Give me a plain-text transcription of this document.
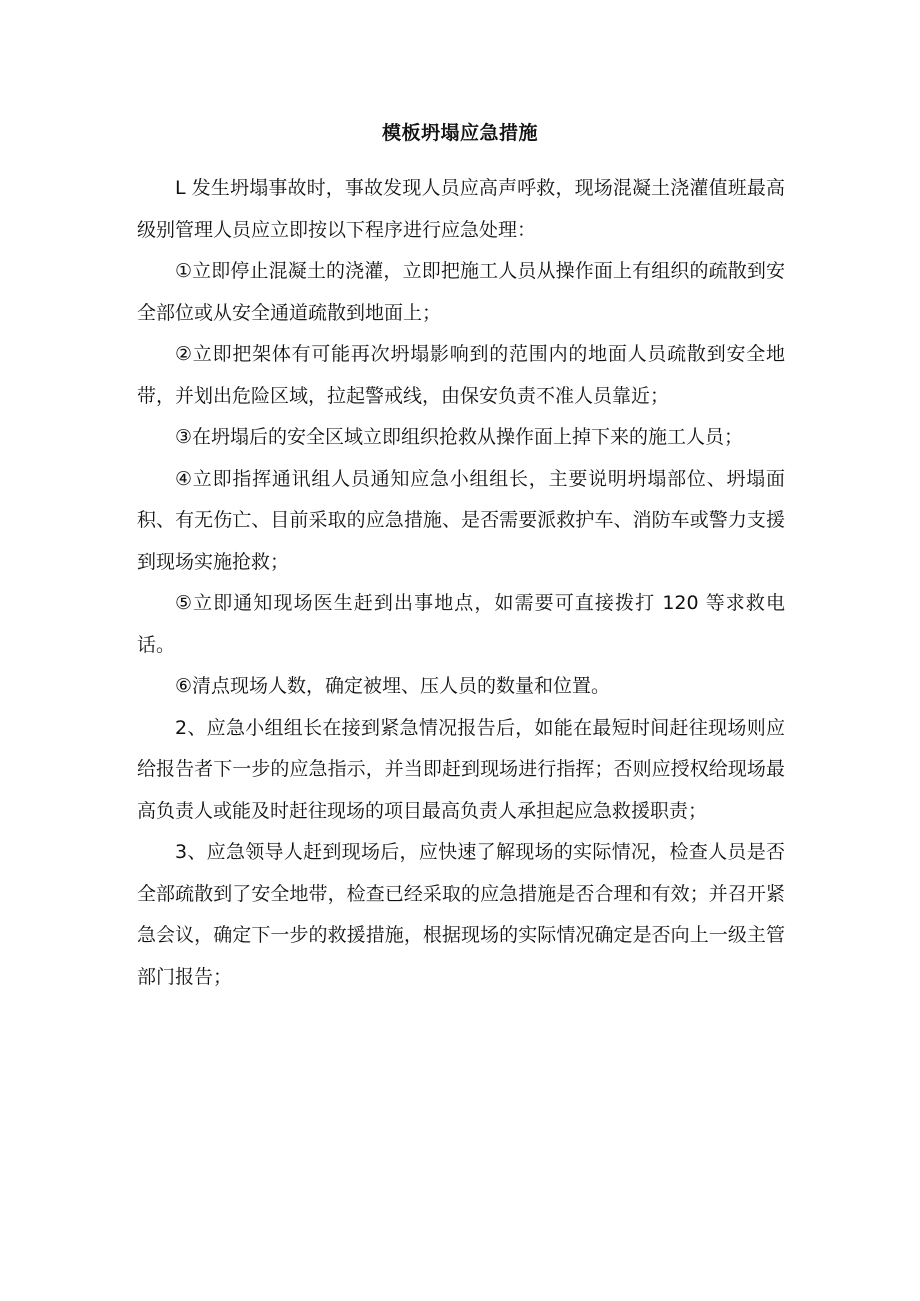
模板坍塌应急措施

L 发生坍塌事故时，事故发现人员应高声呼救，现场混凝土浇灌值班最高级别管理人员应立即按以下程序进行应急处理：

①立即停止混凝土的浇灌，立即把施工人员从操作面上有组织的疏散到安全部位或从安全通道疏散到地面上；

②立即把架体有可能再次坍塌影响到的范围内的地面人员疏散到安全地带，并划出危险区域，拉起警戒线，由保安负责不准人员靠近；

③在坍塌后的安全区域立即组织抢救从操作面上掉下来的施工人员；

④立即指挥通讯组人员通知应急小组组长，主要说明坍塌部位、坍塌面积、有无伤亡、目前采取的应急措施、是否需要派救护车、消防车或警力支援到现场实施抢救；

⑤立即通知现场医生赶到出事地点，如需要可直接拨打 120 等求救电话。

⑥清点现场人数，确定被埋、压人员的数量和位置。

2、应急小组组长在接到紧急情况报告后，如能在最短时间赶往现场则应给报告者下一步的应急指示，并当即赶到现场进行指挥；否则应授权给现场最高负责人或能及时赶往现场的项目最高负责人承担起应急救援职责；

3、应急领导人赶到现场后，应快速了解现场的实际情况，检查人员是否全部疏散到了安全地带，检查已经采取的应急措施是否合理和有效；并召开紧急会议，确定下一步的救援措施，根据现场的实际情况确定是否向上一级主管部门报告；
